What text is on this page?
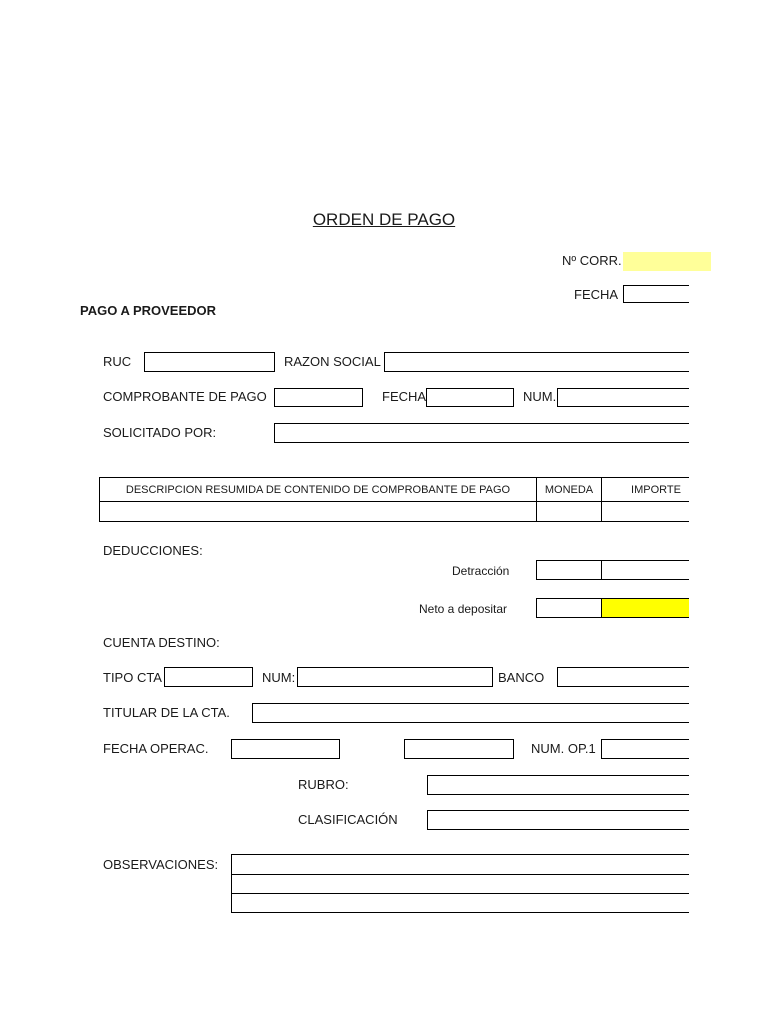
ORDEN DE PAGO
Nº CORR.
FECHA
PAGO A PROVEEDOR
RUC	RAZON SOCIAL
COMPROBANTE DE PAGO	FECHA	NUM.
SOLICITADO POR:
DESCRIPCION RESUMIDA DE CONTENIDO DE COMPROBANTE DE PAGO	MONEDA	IMPORTE
DEDUCCIONES:
Detracción
Neto a depositar
CUENTA DESTINO:
TIPO CTA	NUM:	BANCO
TITULAR DE LA CTA.
FECHA OPERAC.	NUM. OP.1
RUBRO:
CLASIFICACIÓN
OBSERVACIONES:
